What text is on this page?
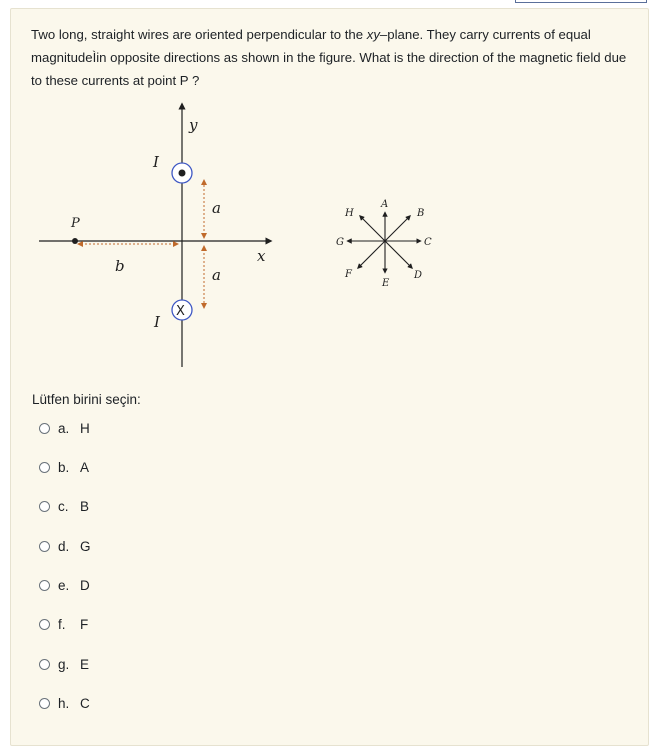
Two long, straight wires are oriented perpendicular to the xy–plane. They carry currents of equal
magnitudeÌin opposite directions as shown in the figure. What is the direction of the magnetic field due
to these currents at point P ?
y
x
I
X
I
a
a
P
b
A
B
C
D
E
F
G
H
Lütfen birini seçin:
a. H
b. A
c. B
d. G
e. D
f.	F
g. E
h. C
